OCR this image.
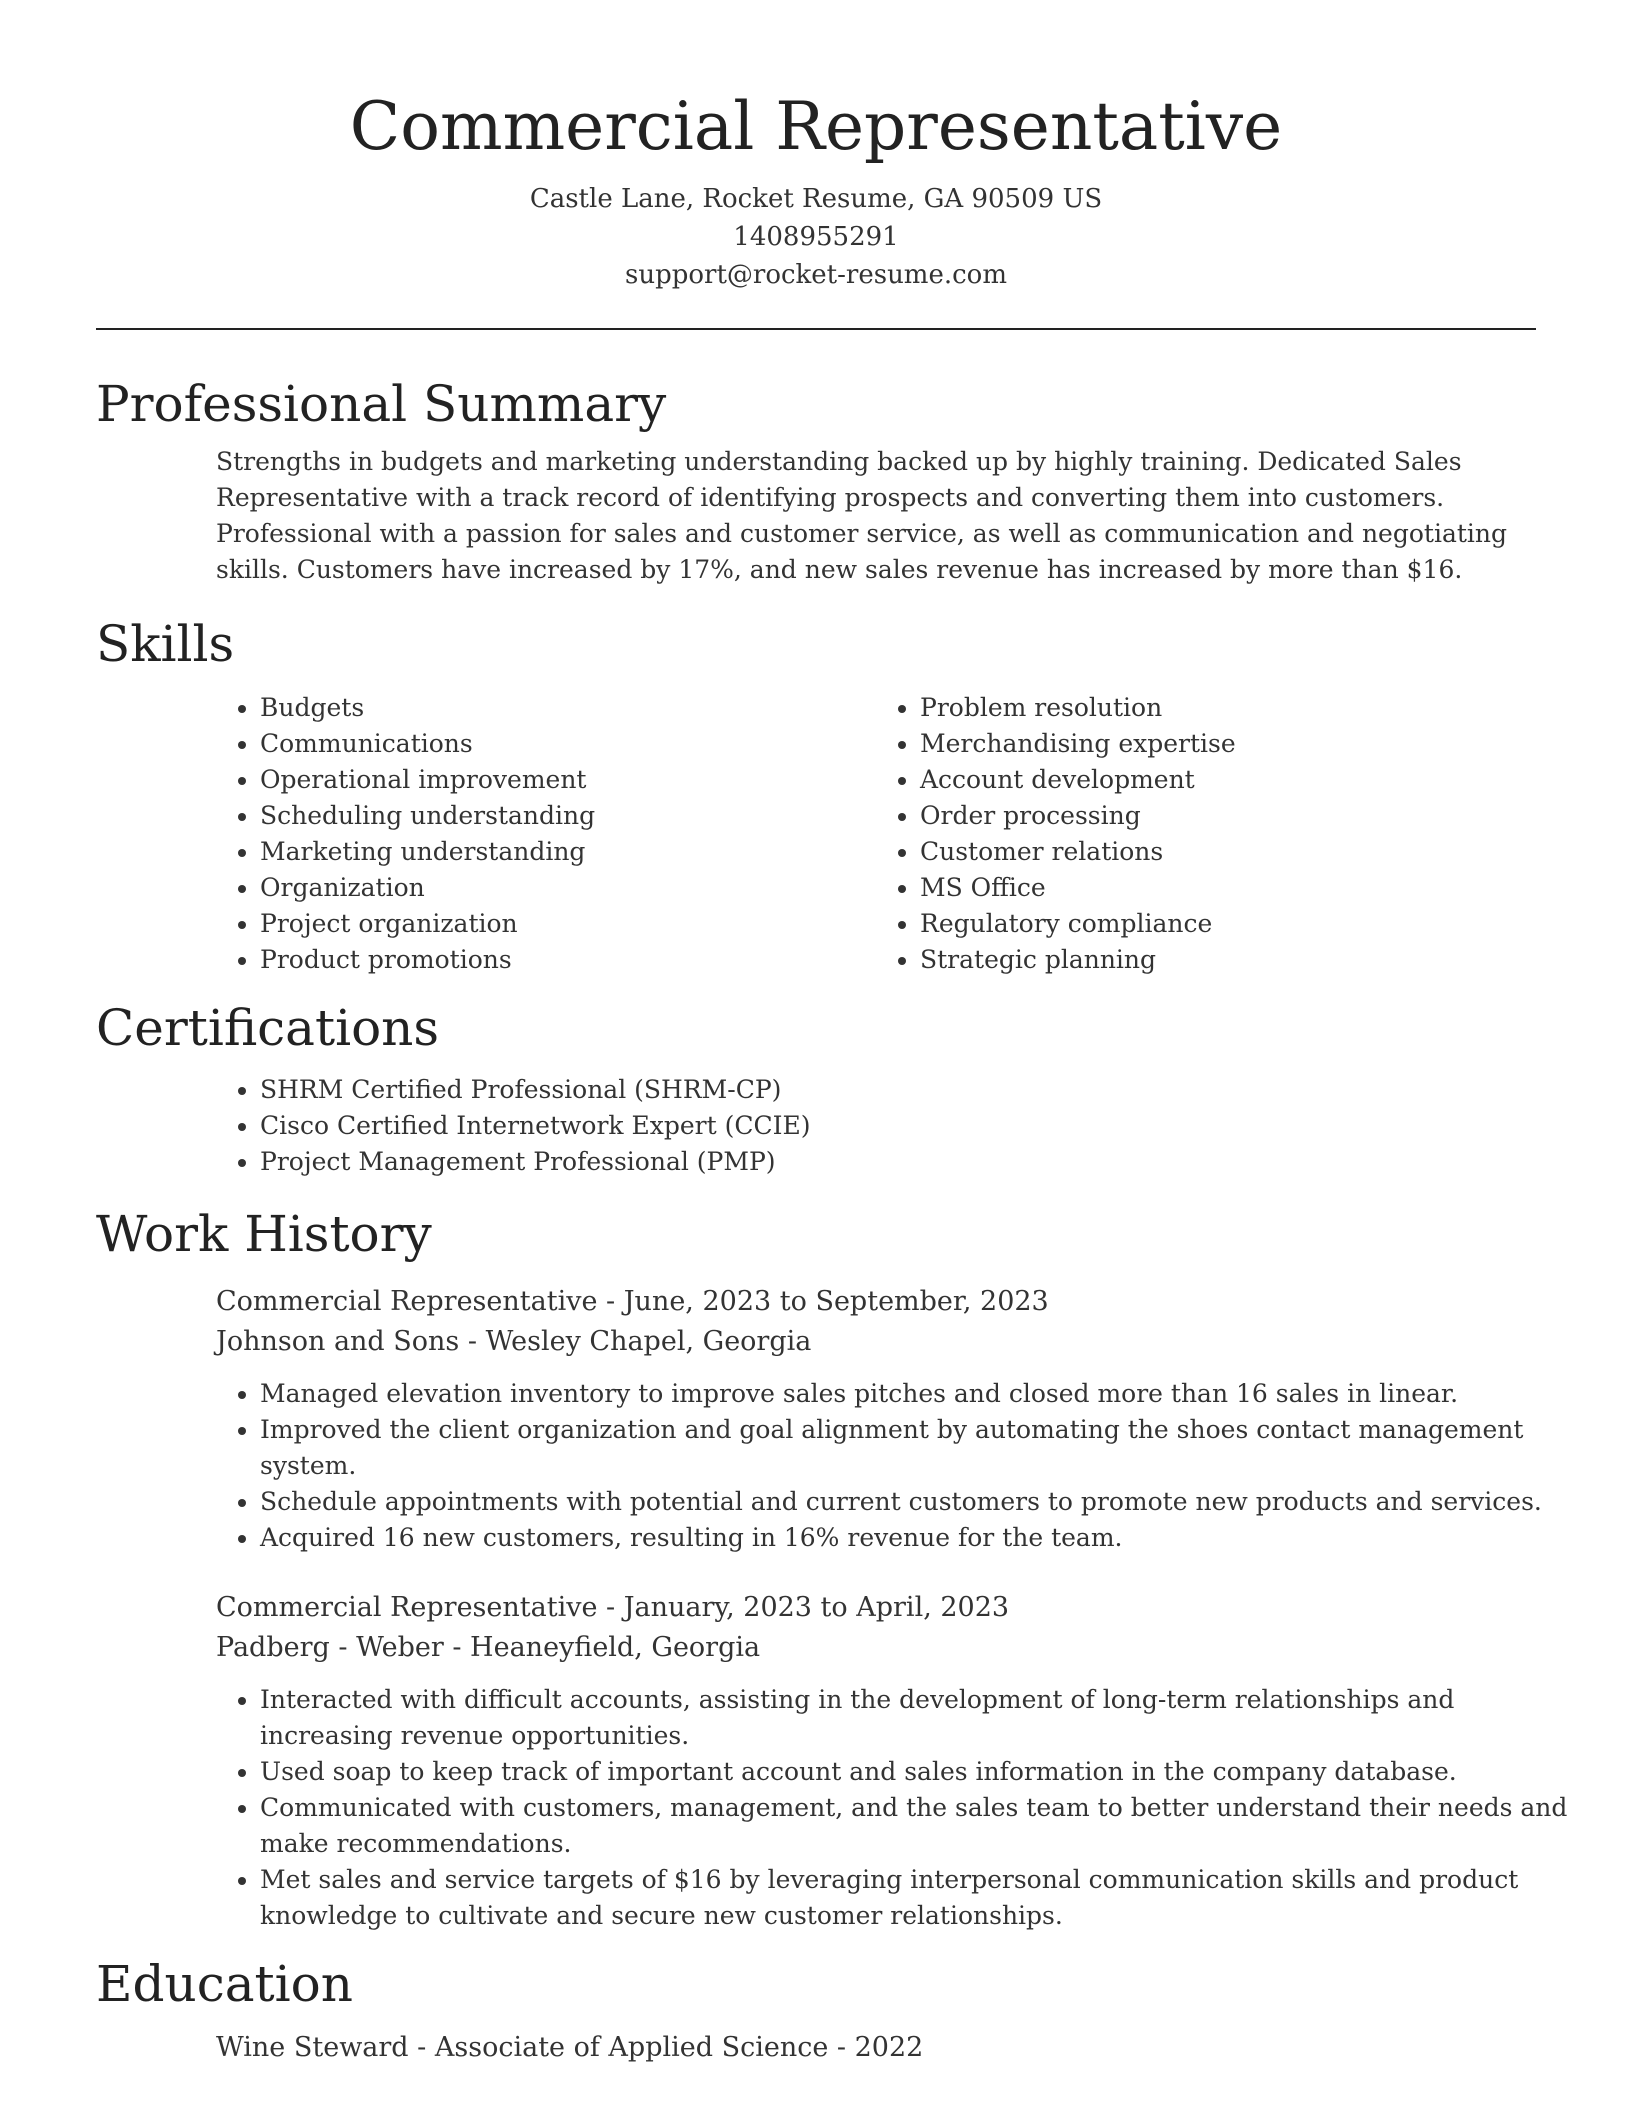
Commercial Representative
Castle Lane, Rocket Resume, GA 90509 US
1408955291
support@rocket-resume.com
Professional Summary

Strengths in budgets and marketing understanding backed up by highly training. Dedicated Sales Representative with a track record of identifying prospects and converting them into customers. Professional with a passion for sales and customer service, as well as communication and negotiating skills. Customers have increased by 17%, and new sales revenue has increased by more than $16.

Skills
• Budgets
• Communications
• Operational improvement
• Scheduling understanding
• Marketing understanding
• Organization
• Project organization
• Product promotions
• Problem resolution
• Merchandising expertise
• Account development
• Order processing
• Customer relations
• MS Office
• Regulatory compliance
• Strategic planning
Certifications
• SHRM Certified Professional (SHRM-CP)
• Cisco Certified Internetwork Expert (CCIE)
• Project Management Professional (PMP)
Work History
Commercial Representative - June, 2023 to September, 2023
Johnson and Sons - Wesley Chapel, Georgia
• Managed elevation inventory to improve sales pitches and closed more than 16 sales in linear.
• Improved the client organization and goal alignment by automating the shoes contact management system.
• Schedule appointments with potential and current customers to promote new products and services.
• Acquired 16 new customers, resulting in 16% revenue for the team.
Commercial Representative - January, 2023 to April, 2023
Padberg - Weber - Heaneyfield, Georgia
• Interacted with difficult accounts, assisting in the development of long-term relationships and increasing revenue opportunities.
• Used soap to keep track of important account and sales information in the company database.
• Communicated with customers, management, and the sales team to better understand their needs and make recommendations.
• Met sales and service targets of $16 by leveraging interpersonal communication skills and product knowledge to cultivate and secure new customer relationships.
Education
Wine Steward - Associate of Applied Science - 2022
